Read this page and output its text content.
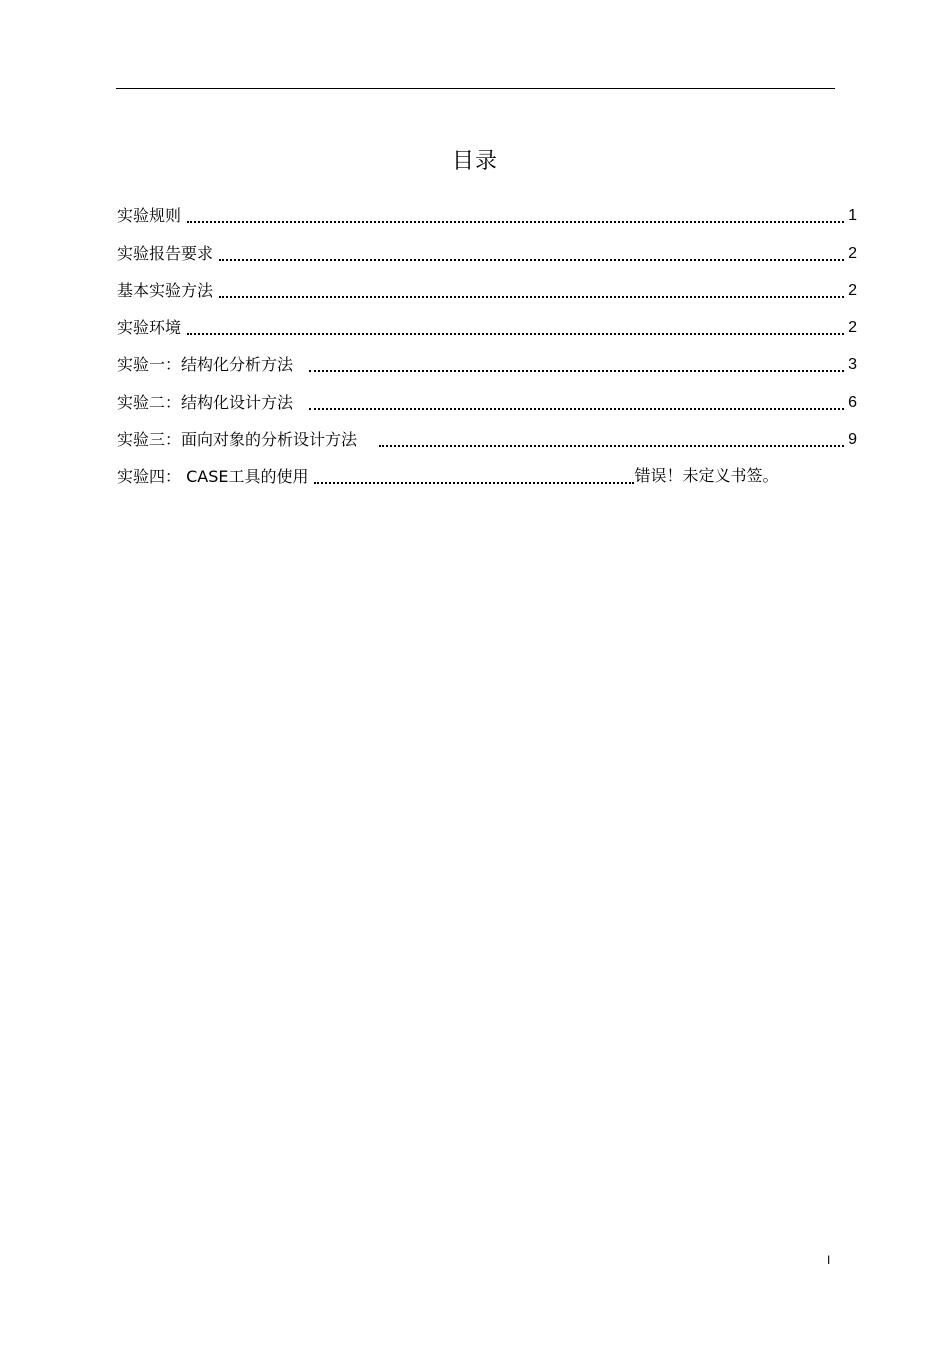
目录
实验规则	1
实验报告要求	2
基本实验方法	2
实验环境	2
实验一：结构化分析方法	3
实验二：结构化设计方法	6
实验三：面向对象的分析设计方法	9
实验四： CASE工具的使用	错误！未定义书签。
I
